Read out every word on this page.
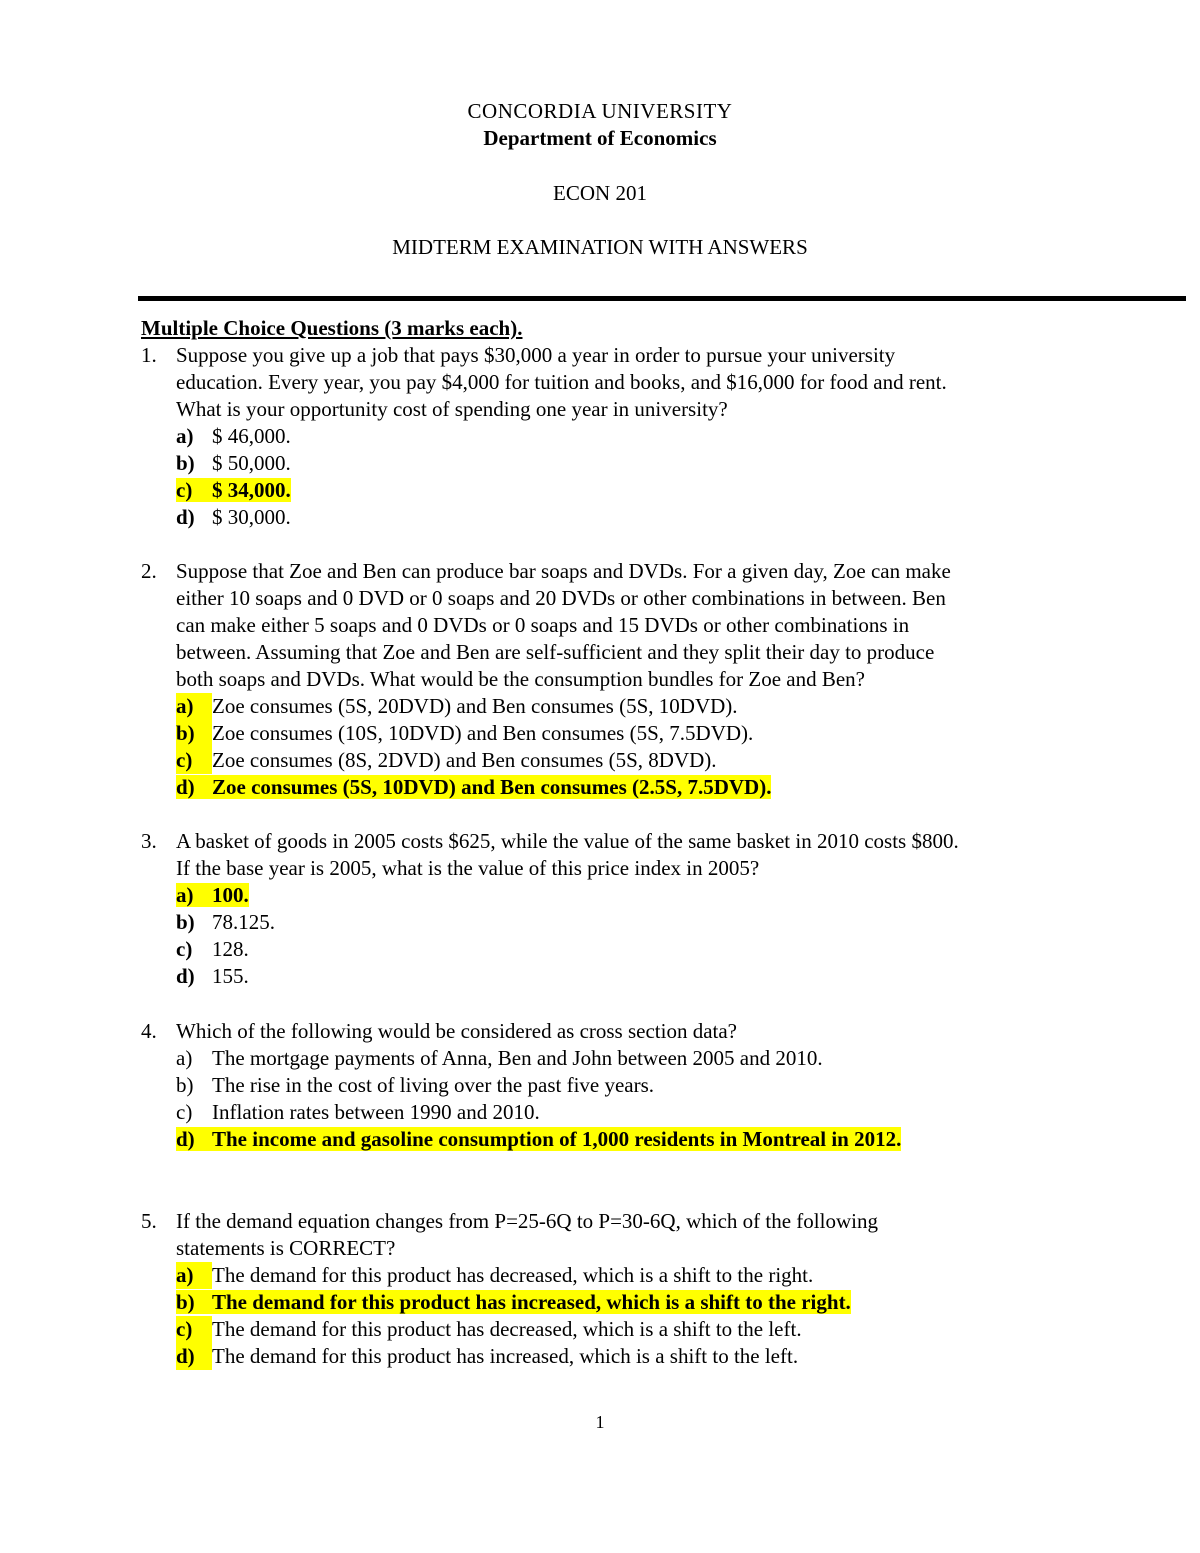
CONCORDIA UNIVERSITY
Department of Economics
ECON 201
MIDTERM EXAMINATION WITH ANSWERS
Multiple Choice Questions (3 marks each).
1. Suppose you give up a job that pays $30,000 a year in order to pursue your university
education. Every year, you pay $4,000 for tuition and books, and $16,000 for food and rent.
What is your opportunity cost of spending one year in university?
a) $ 46,000.
b) $ 50,000.
c) $ 34,000.
d) $ 30,000.
2. Suppose that Zoe and Ben can produce bar soaps and DVDs. For a given day, Zoe can make
either 10 soaps and 0 DVD or 0 soaps and 20 DVDs or other combinations in between. Ben
can make either 5 soaps and 0 DVDs or 0 soaps and 15 DVDs or other combinations in
between. Assuming that Zoe and Ben are self-sufficient and they split their day to produce
both soaps and DVDs. What would be the consumption bundles for Zoe and Ben?
a) Zoe consumes (5S, 20DVD) and Ben consumes (5S, 10DVD).
b) Zoe consumes (10S, 10DVD) and Ben consumes (5S, 7.5DVD).
c) Zoe consumes (8S, 2DVD) and Ben consumes (5S, 8DVD).
d) Zoe consumes (5S, 10DVD) and Ben consumes (2.5S, 7.5DVD).
3. A basket of goods in 2005 costs $625, while the value of the same basket in 2010 costs $800.
If the base year is 2005, what is the value of this price index in 2005?
a) 100.
b) 78.125.
c) 128.
d) 155.
4. Which of the following would be considered as cross section data?
a) The mortgage payments of Anna, Ben and John between 2005 and 2010.
b) The rise in the cost of living over the past five years.
c) Inflation rates between 1990 and 2010.
d) The income and gasoline consumption of 1,000 residents in Montreal in 2012.
5. If the demand equation changes from P=25-6Q to P=30-6Q, which of the following
statements is CORRECT?
a) The demand for this product has decreased, which is a shift to the right.
b) The demand for this product has increased, which is a shift to the right.
c) The demand for this product has decreased, which is a shift to the left.
d) The demand for this product has increased, which is a shift to the left.
1
